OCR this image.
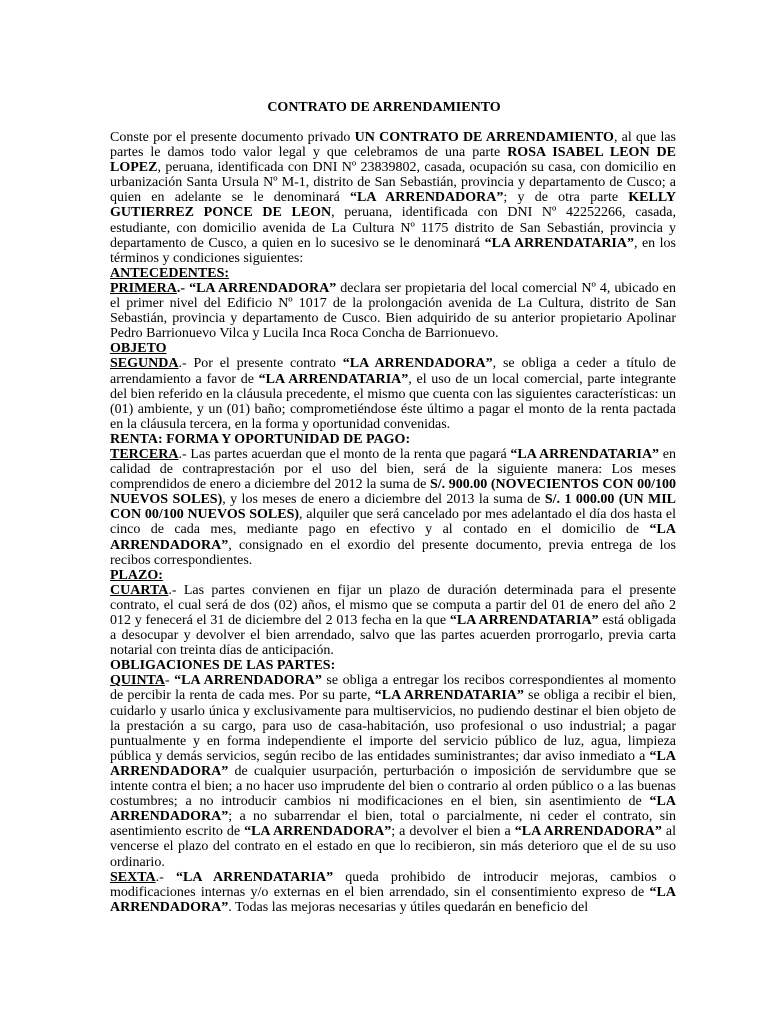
CONTRATO DE ARRENDAMIENTO

Conste por el presente documento privado UN CONTRATO DE ARRENDAMIENTO, al que las partes le damos todo valor legal y que celebramos de una parte ROSA ISABEL LEON DE LOPEZ, peruana, identificada con DNI Nº 23839802, casada, ocupación su casa, con domicilio en urbanización Santa Ursula Nº M-1, distrito de San Sebastián, provincia y departamento de Cusco; a quien en adelante se le denominará “LA ARRENDADORA”; y de otra parte KELLY GUTIERREZ PONCE DE LEON, peruana, identificada con DNI Nº 42252266, casada, estudiante, con domicilio avenida de La Cultura Nº 1175 distrito de San Sebastián, provincia y departamento de Cusco, a quien en lo sucesivo se le denominará “LA ARRENDATARIA”, en los términos y condiciones siguientes:

ANTECEDENTES:

PRIMERA.- “LA ARRENDADORA” declara ser propietaria del local comercial Nº 4, ubicado en el primer nivel del Edificio Nº 1017 de la prolongación avenida de La Cultura, distrito de San Sebastián, provincia y departamento de Cusco. Bien adquirido de su anterior propietario Apolinar Pedro Barrionuevo Vilca y Lucila Inca Roca Concha de Barrionuevo.

OBJETO

SEGUNDA.- Por el presente contrato “LA ARRENDADORA”, se obliga a ceder a título de arrendamiento a favor de “LA ARRENDATARIA”, el uso de un local comercial, parte integrante del bien referido en la cláusula precedente, el mismo que cuenta con las siguientes características: un (01) ambiente, y un (01) baño; comprometiéndose éste último a pagar el monto de la renta pactada en la cláusula tercera, en la forma y oportunidad convenidas.

RENTA: FORMA Y OPORTUNIDAD DE PAGO:

TERCERA.- Las partes acuerdan que el monto de la renta que pagará “LA ARRENDATARIA” en calidad de contraprestación por el uso del bien, será de la siguiente manera: Los meses comprendidos de enero a diciembre del 2012 la suma de S/. 900.00 (NOVECIENTOS CON 00/100 NUEVOS SOLES), y los meses de enero a diciembre del 2013 la suma de S/. 1 000.00 (UN MIL CON 00/100 NUEVOS SOLES), alquiler que será cancelado por mes adelantado el día dos hasta el cinco de cada mes, mediante pago en efectivo y al contado en el domicilio de “LA ARRENDADORA”, consignado en el exordio del presente documento, previa entrega de los recibos correspondientes.

PLAZO:

CUARTA.- Las partes convienen en fijar un plazo de duración determinada para el presente contrato, el cual será de dos (02) años, el mismo que se computa a partir del 01 de enero del año 2 012 y fenecerá el 31 de diciembre del 2 013 fecha en la que “LA ARRENDATARIA” está obligada a desocupar y devolver el bien arrendado, salvo que las partes acuerden prorrogarlo, previa carta notarial con treinta días de anticipación.

OBLIGACIONES DE LAS PARTES:

QUINTA- “LA ARRENDADORA” se obliga a entregar los recibos correspondientes al momento de percibir la renta de cada mes. Por su parte, “LA ARRENDATARIA” se obliga a recibir el bien, cuidarlo y usarlo única y exclusivamente para multiservicios, no pudiendo destinar el bien objeto de la prestación a su cargo, para uso de casa-habitación, uso profesional o uso industrial; a pagar puntualmente y en forma independiente el importe del servicio público de luz, agua, limpieza pública y demás servicios, según recibo de las entidades suministrantes; dar aviso inmediato a “LA ARRENDADORA” de cualquier usurpación, perturbación o imposición de servidumbre que se intente contra el bien; a no hacer uso imprudente del bien o contrario al orden público o a las buenas costumbres; a no introducir cambios ni modificaciones en el bien, sin asentimiento de “LA ARRENDADORA”; a no subarrendar el bien, total o parcialmente, ni ceder el contrato, sin asentimiento escrito de “LA ARRENDADORA”; a devolver el bien a “LA ARRENDADORA” al vencerse el plazo del contrato en el estado en que lo recibieron, sin más deterioro que el de su uso ordinario.

SEXTA.- “LA ARRENDATARIA” queda prohibido de introducir mejoras, cambios o modificaciones internas y/o externas en el bien arrendado, sin el consentimiento expreso de “LA ARRENDADORA”. Todas las mejoras necesarias y útiles quedarán en beneficio del
